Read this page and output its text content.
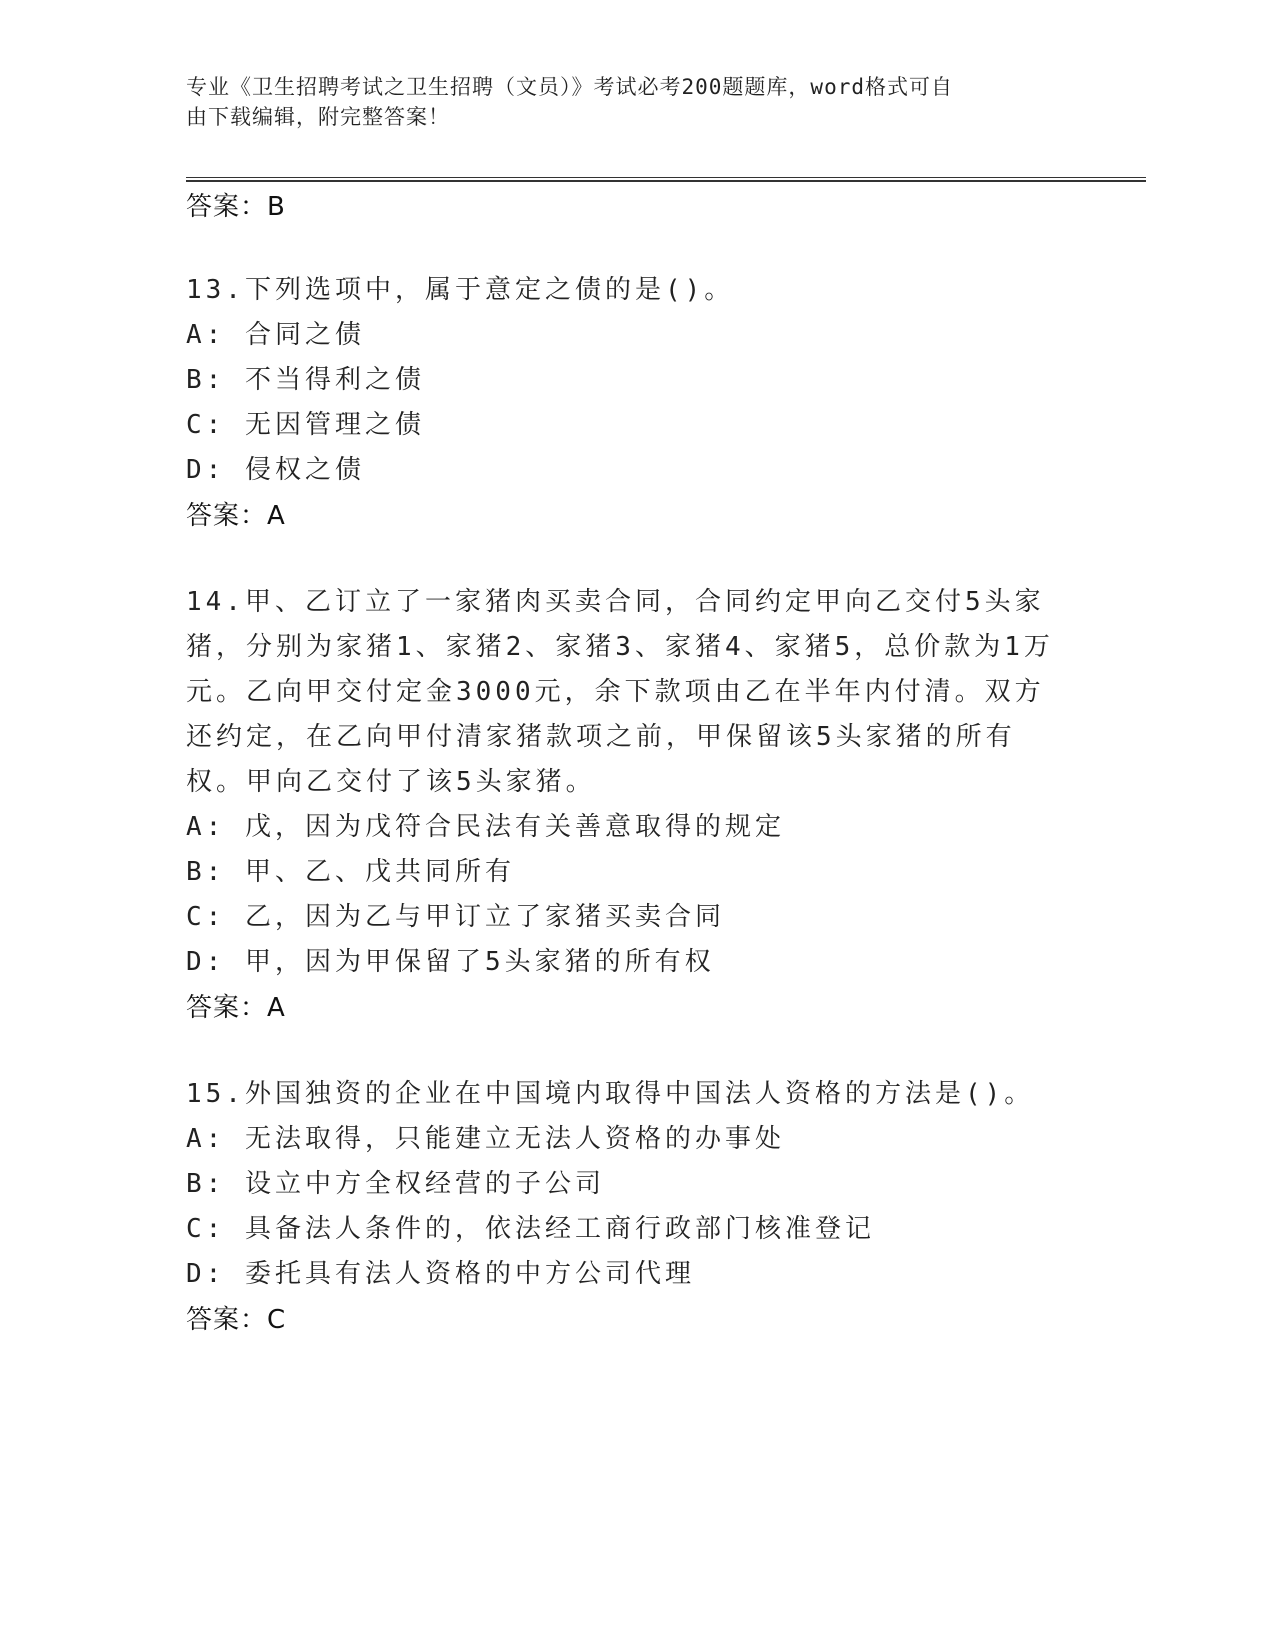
专业《卫生招聘考试之卫生招聘（文员）》考试必考200题题库，word格式可自
由下载编辑，附完整答案！
答案：B

13.下列选项中，属于意定之债的是()。

A: 合同之债
B: 不当得利之债
C: 无因管理之债
D: 侵权之债
答案：A

14.甲、乙订立了一家猪肉买卖合同，合同约定甲向乙交付5头家猪，分别为家猪1、家猪2、家猪3、家猪4、家猪5，总价款为1万元。乙向甲交付定金3000元，余下款项由乙在半年内付清。双方还约定，在乙向甲付清家猪款项之前，甲保留该5头家猪的所有权。甲向乙交付了该5头家猪。

A: 戊，因为戊符合民法有关善意取得的规定
B: 甲、乙、戊共同所有
C: 乙，因为乙与甲订立了家猪买卖合同
D: 甲，因为甲保留了5头家猪的所有权
答案：A

15.外国独资的企业在中国境内取得中国法人资格的方法是()。

A: 无法取得，只能建立无法人资格的办事处
B: 设立中方全权经营的子公司
C: 具备法人条件的，依法经工商行政部门核准登记
D: 委托具有法人资格的中方公司代理
答案：C
